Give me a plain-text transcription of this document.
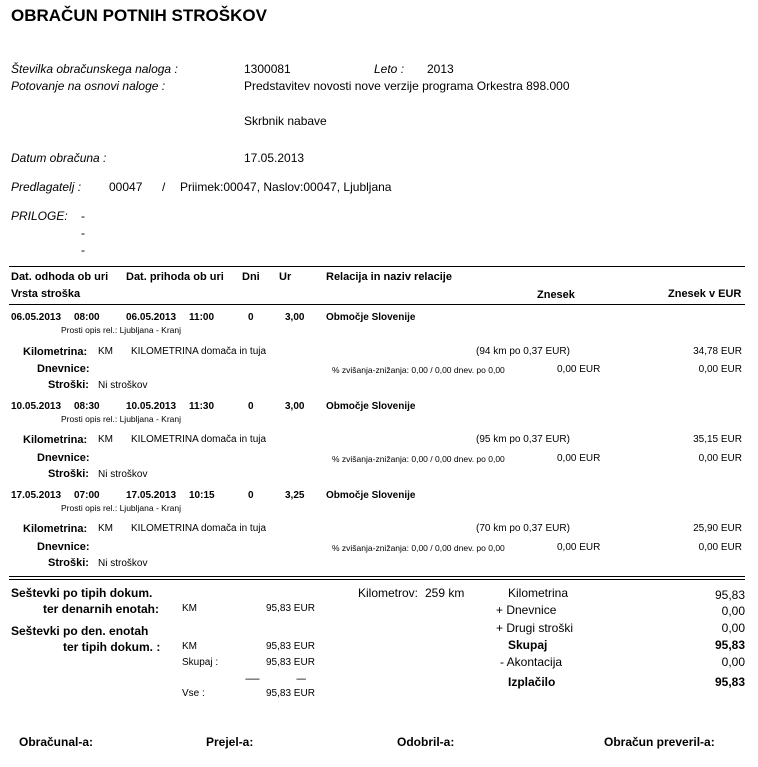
OBRAČUN POTNIH STROŠKOV
Številka obračunskega naloga :	1300081	Leto : 2013
Potovanje na osnovi naloge :	Predstavitev novosti nove verzije programa Orkestra 898.000
Skrbnik nabave
Datum obračuna :	17.05.2013
Predlagatelj : 00047 / Priimek:00047, Naslov:00047, Ljubljana
PRILOGE: -
-
-
Dat. odhoda ob uri Dat. prihoda ob uri Dni Ur	Relacija in naziv relacije
Vrsta stroška	Znesek	Znesek v EUR
06.05.2013 08:00	06.05.2013 11:00	0	3,00 Območje Slovenije
Prosti opis rel.: Ljubljana - Kranj
Kilometrina: KM KILOMETRINA domača in tuja	(94 km po 0,37 EUR)	34,78 EUR
Dnevnice:	% zvišanja-znižanja: 0,00 / 0,00 dnev. po 0,00	0,00 EUR	0,00 EUR
Stroški: Ni stroškov
10.05.2013 08:30	10.05.2013 11:30	0	3,00 Območje Slovenije
Prosti opis rel.: Ljubljana - Kranj
Kilometrina: KM KILOMETRINA domača in tuja	(95 km po 0,37 EUR)	35,15 EUR
Dnevnice:	% zvišanja-znižanja: 0,00 / 0,00 dnev. po 0,00	0,00 EUR	0,00 EUR
Stroški: Ni stroškov
17.05.2013 07:00	17.05.2013 10:15	0	3,25 Območje Slovenije
Prosti opis rel.: Ljubljana - Kranj
Kilometrina: KM KILOMETRINA domača in tuja	(70 km po 0,37 EUR)	25,90 EUR
Dnevnice:	% zvišanja-znižanja: 0,00 / 0,00 dnev. po 0,00	0,00 EUR	0,00 EUR
Stroški: Ni stroškov
Seštevki po tipih dokum.
ter denarnih enotah: KM	95,83 EUR
Seštevki po den. enotah
ter tipih dokum. : KM	95,83 EUR
Skupaj :	95,83 EUR
------	----
Vse :	95,83 EUR
Kilometrov: 259 km	Kilometrina	95,83
+ Dnevnice	0,00
+ Drugi stroški	0,00
Skupaj	95,83
- Akontacija	0,00
Izplačilo	95,83
Obračunal-a:	Prejel-a:	Odobril-a:	Obračun preveril-a:
